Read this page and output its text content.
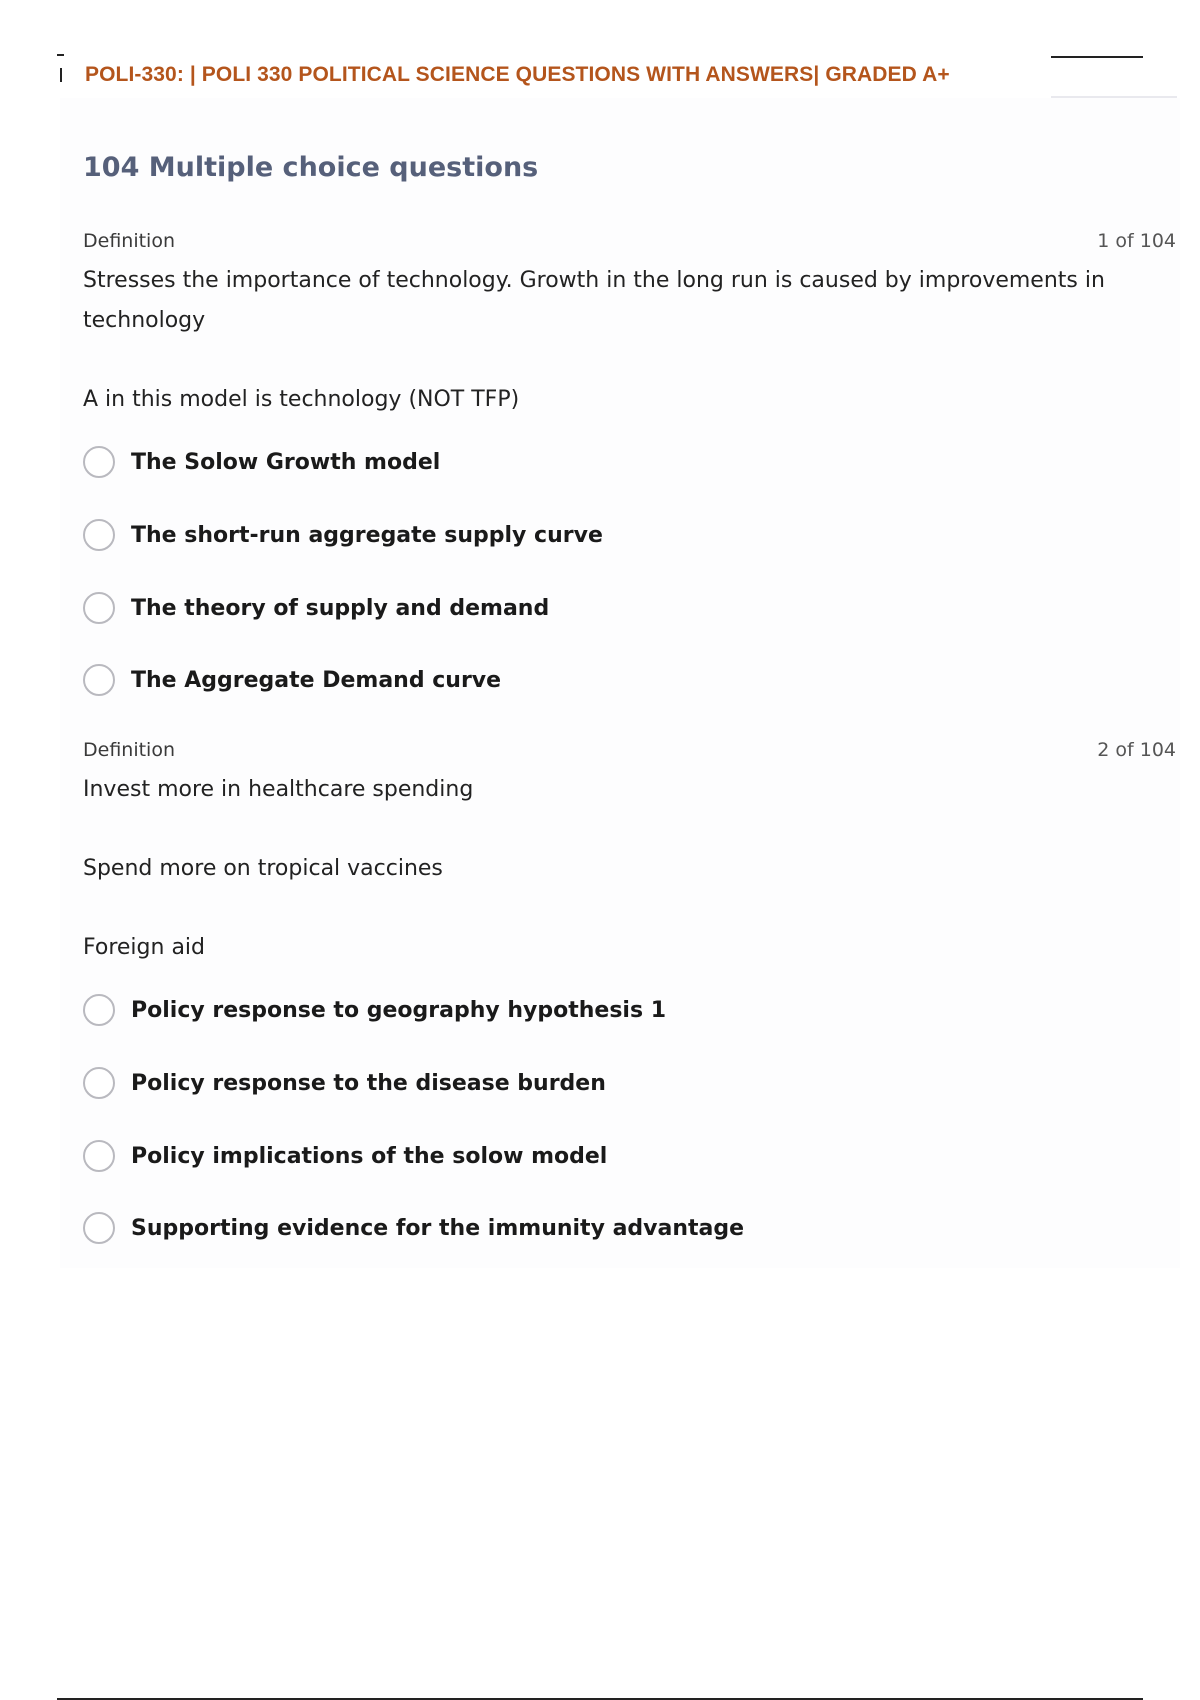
POLI-330: | POLI 330 POLITICAL SCIENCE QUESTIONS WITH ANSWERS| GRADED A+
104 Multiple choice questions
Definition	1 of 104
Stresses the importance of technology. Growth in the long run is caused by improvements in
technology
A in this model is technology (NOT TFP)
The Solow Growth model
The short-run aggregate supply curve
The theory of supply and demand
The Aggregate Demand curve
Definition	2 of 104
Invest more in healthcare spending
Spend more on tropical vaccines
Foreign aid
Policy response to geography hypothesis 1
Policy response to the disease burden
Policy implications of the solow model
Supporting evidence for the immunity advantage
